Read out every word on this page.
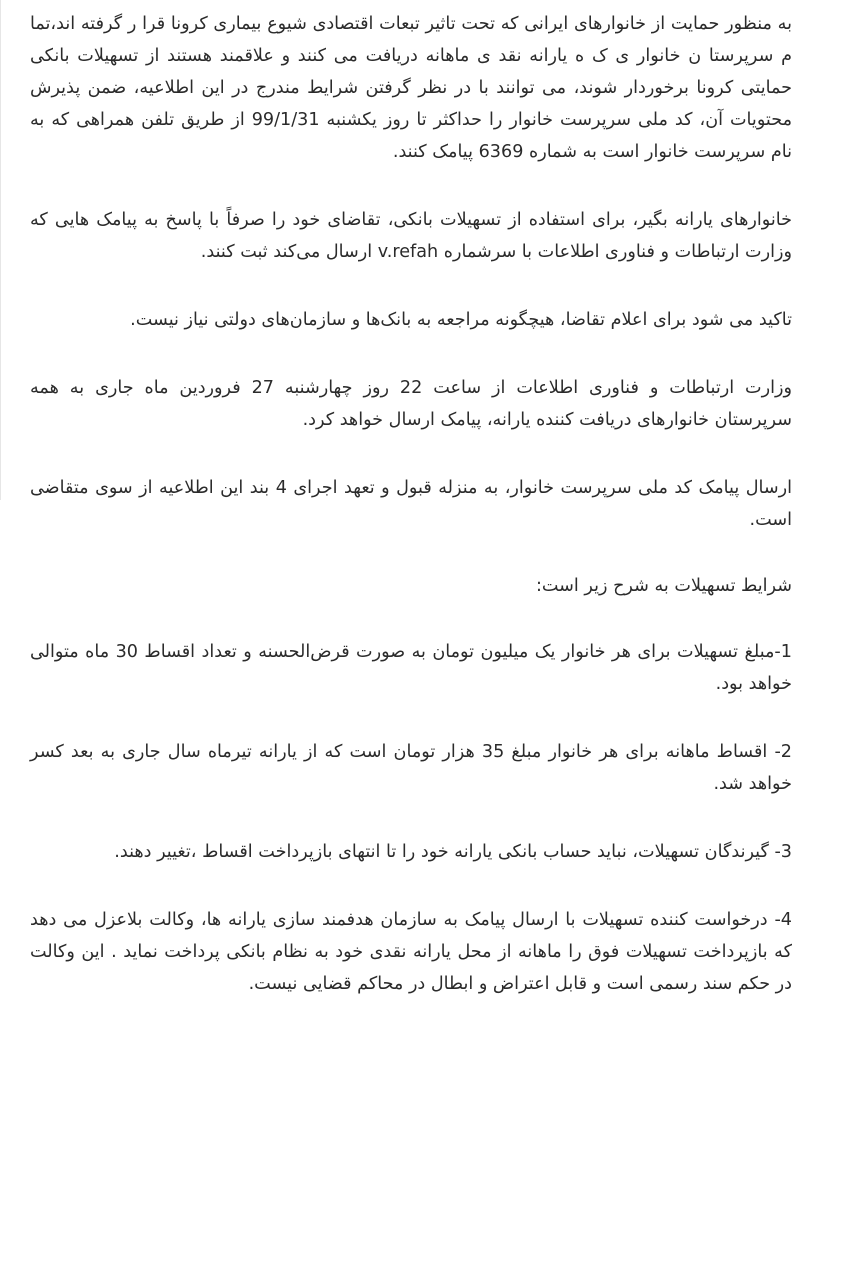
به منظور حمایت از خانوارهای ایرانی که تحت تاثیر تبعات اقتصادی شیوع بیماری کرونا قرا ر گرفته اند،تما م سرپرستا ن خانوار ی ک ه یارانه نقد ی ماهانه دریافت می کنند و علاقمند هستند از تسهیلات بانکی حمایتی کرونا برخوردار شوند، می توانند با در نظر گرفتن شرایط مندرج در این اطلاعیه، ضمن پذیرش محتویات آن، کد ملی سرپرست خانوار را حداکثر تا روز یکشنبه 99/1/31 از طریق تلفن همراهی که به نام سرپرست خانوار است به شماره 6369 پیامک کنند.

خانوارهای یارانه بگیر، برای استفاده از تسهیلات بانکی، تقاضای خود را صرفاً با پاسخ به پیامک هایی که وزارت ارتباطات و فناوری اطلاعات با سرشماره v.refah ارسال می‌کند ثبت کنند.

تاکید می شود برای اعلام تقاضا، هیچگونه مراجعه به بانک‌ها و سازمان‌های دولتی نیاز نیست.

وزارت ارتباطات و فناوری اطلاعات از ساعت 22 روز چهارشنبه 27 فروردین ماه جاری به همه سرپرستان خانوارهای دریافت کننده یارانه، پیامک ارسال خواهد کرد.

ارسال پیامک کد ملی سرپرست خانوار، به منزله قبول و تعهد اجرای 4 بند این اطلاعیه از سوی متقاضی است.

شرایط تسهیلات به شرح زیر است:

1-مبلغ تسهیلات برای هر خانوار یک میلیون تومان به صورت قرض‌الحسنه و تعداد اقساط 30 ماه متوالی خواهد بود.

2- اقساط ماهانه برای هر خانوار مبلغ 35 هزار تومان است که از یارانه تیرماه سال جاری به بعد کسر خواهد شد.

3- گیرندگان تسهیلات، نباید حساب بانکی یارانه خود را تا انتهای بازپرداخت اقساط ،تغییر دهند.

4- درخواست کننده تسهیلات با ارسال پیامک به سازمان هدفمند سازی یارانه ها، وکالت بلاعزل می دهد که بازپرداخت تسهیلات فوق را ماهانه از محل یارانه نقدی خود به نظام بانکی پرداخت نماید . این وکالت در حکم سند رسمی است و قابل اعتراض و ابطال در محاکم قضایی نیست.
